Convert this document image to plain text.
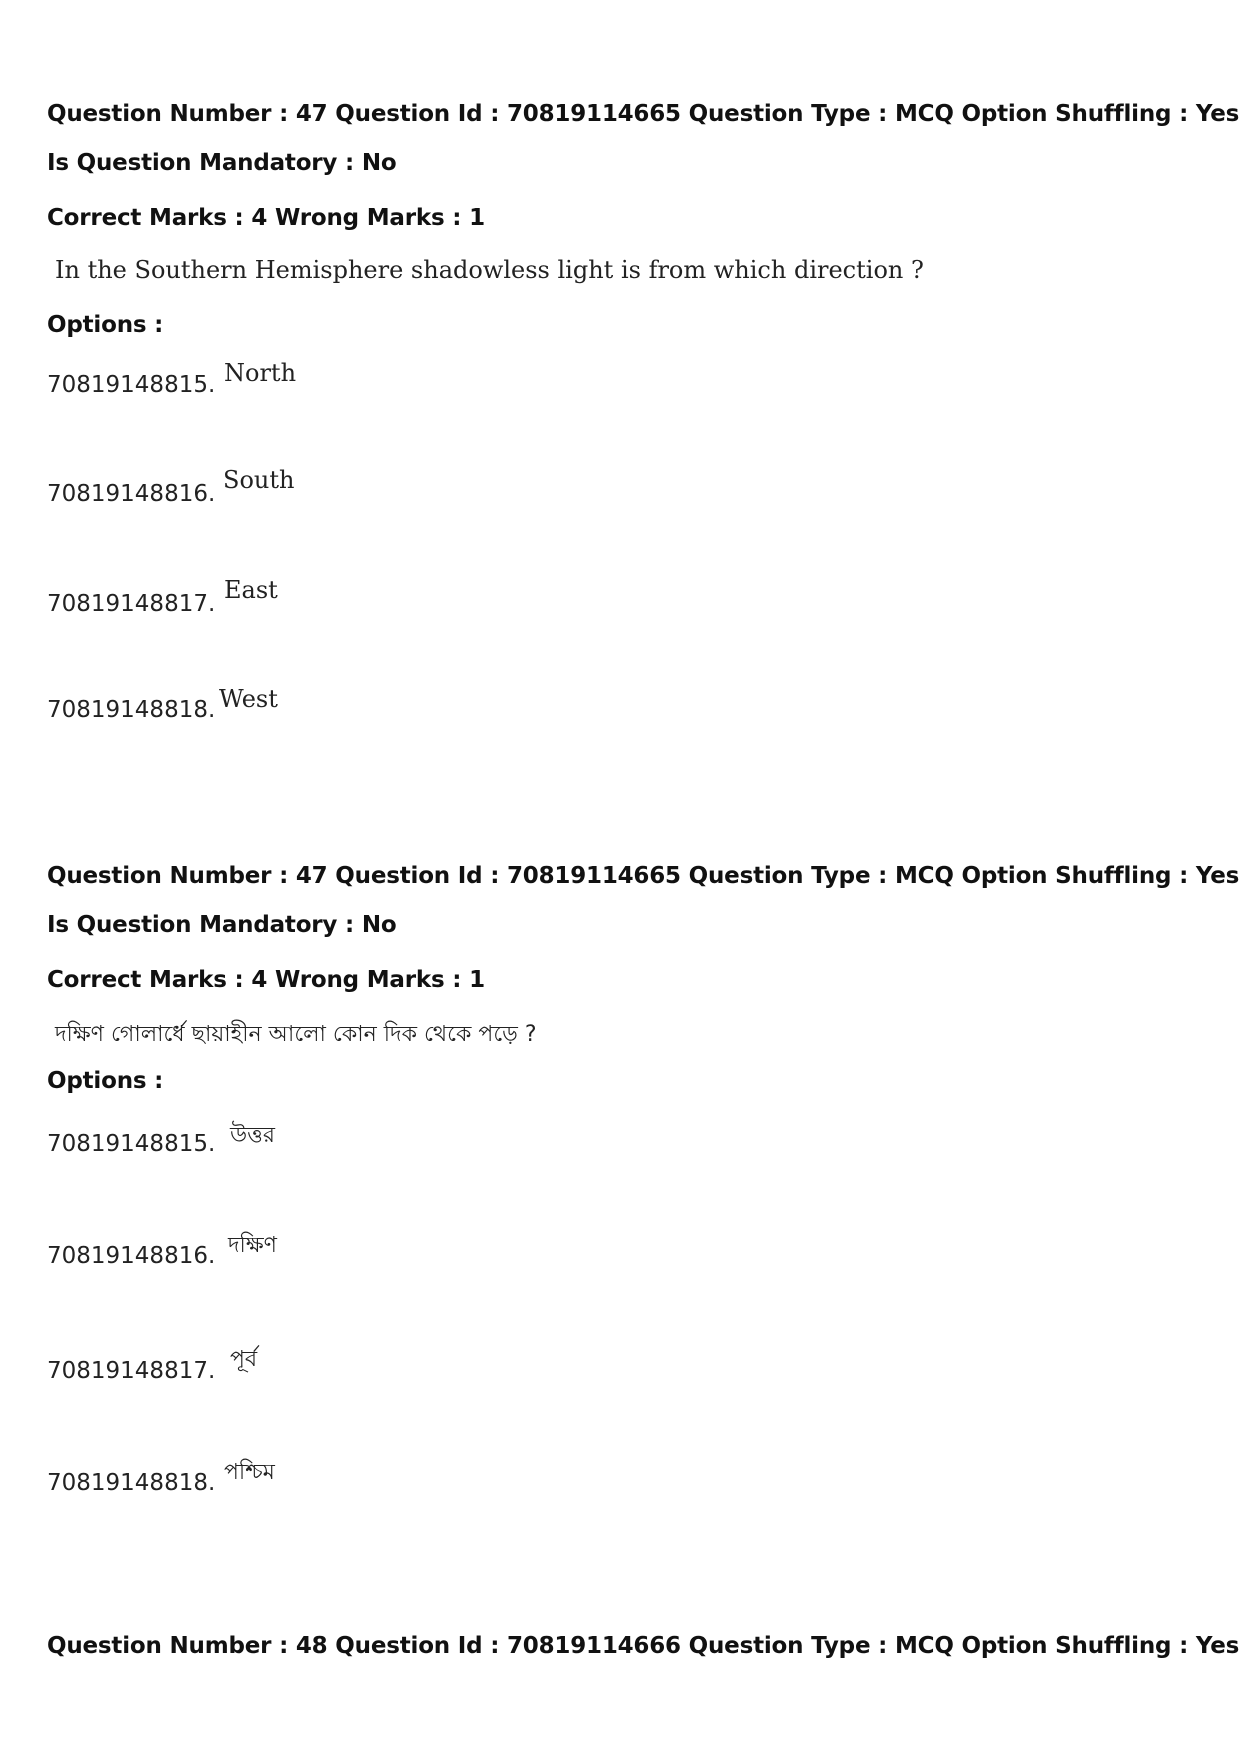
Question Number : 47 Question Id : 70819114665 Question Type : MCQ Option Shuffling : Yes
Is Question Mandatory : No
Correct Marks : 4 Wrong Marks : 1
In the Southern Hemisphere shadowless light is from which direction ?
Options :
70819148815. North
70819148816. South
70819148817. East
70819148818. West
Question Number : 47 Question Id : 70819114665 Question Type : MCQ Option Shuffling : Yes
Is Question Mandatory : No
Correct Marks : 4 Wrong Marks : 1
দক্ষিণ গোলার্ধে ছায়াহীন আলো কোন দিক থেকে পড়ে ?
Options :
70819148815. উত্তর
70819148816. দক্ষিণ
70819148817. পূর্ব
70819148818. পশ্চিম
Question Number : 48 Question Id : 70819114666 Question Type : MCQ Option Shuffling : Yes
